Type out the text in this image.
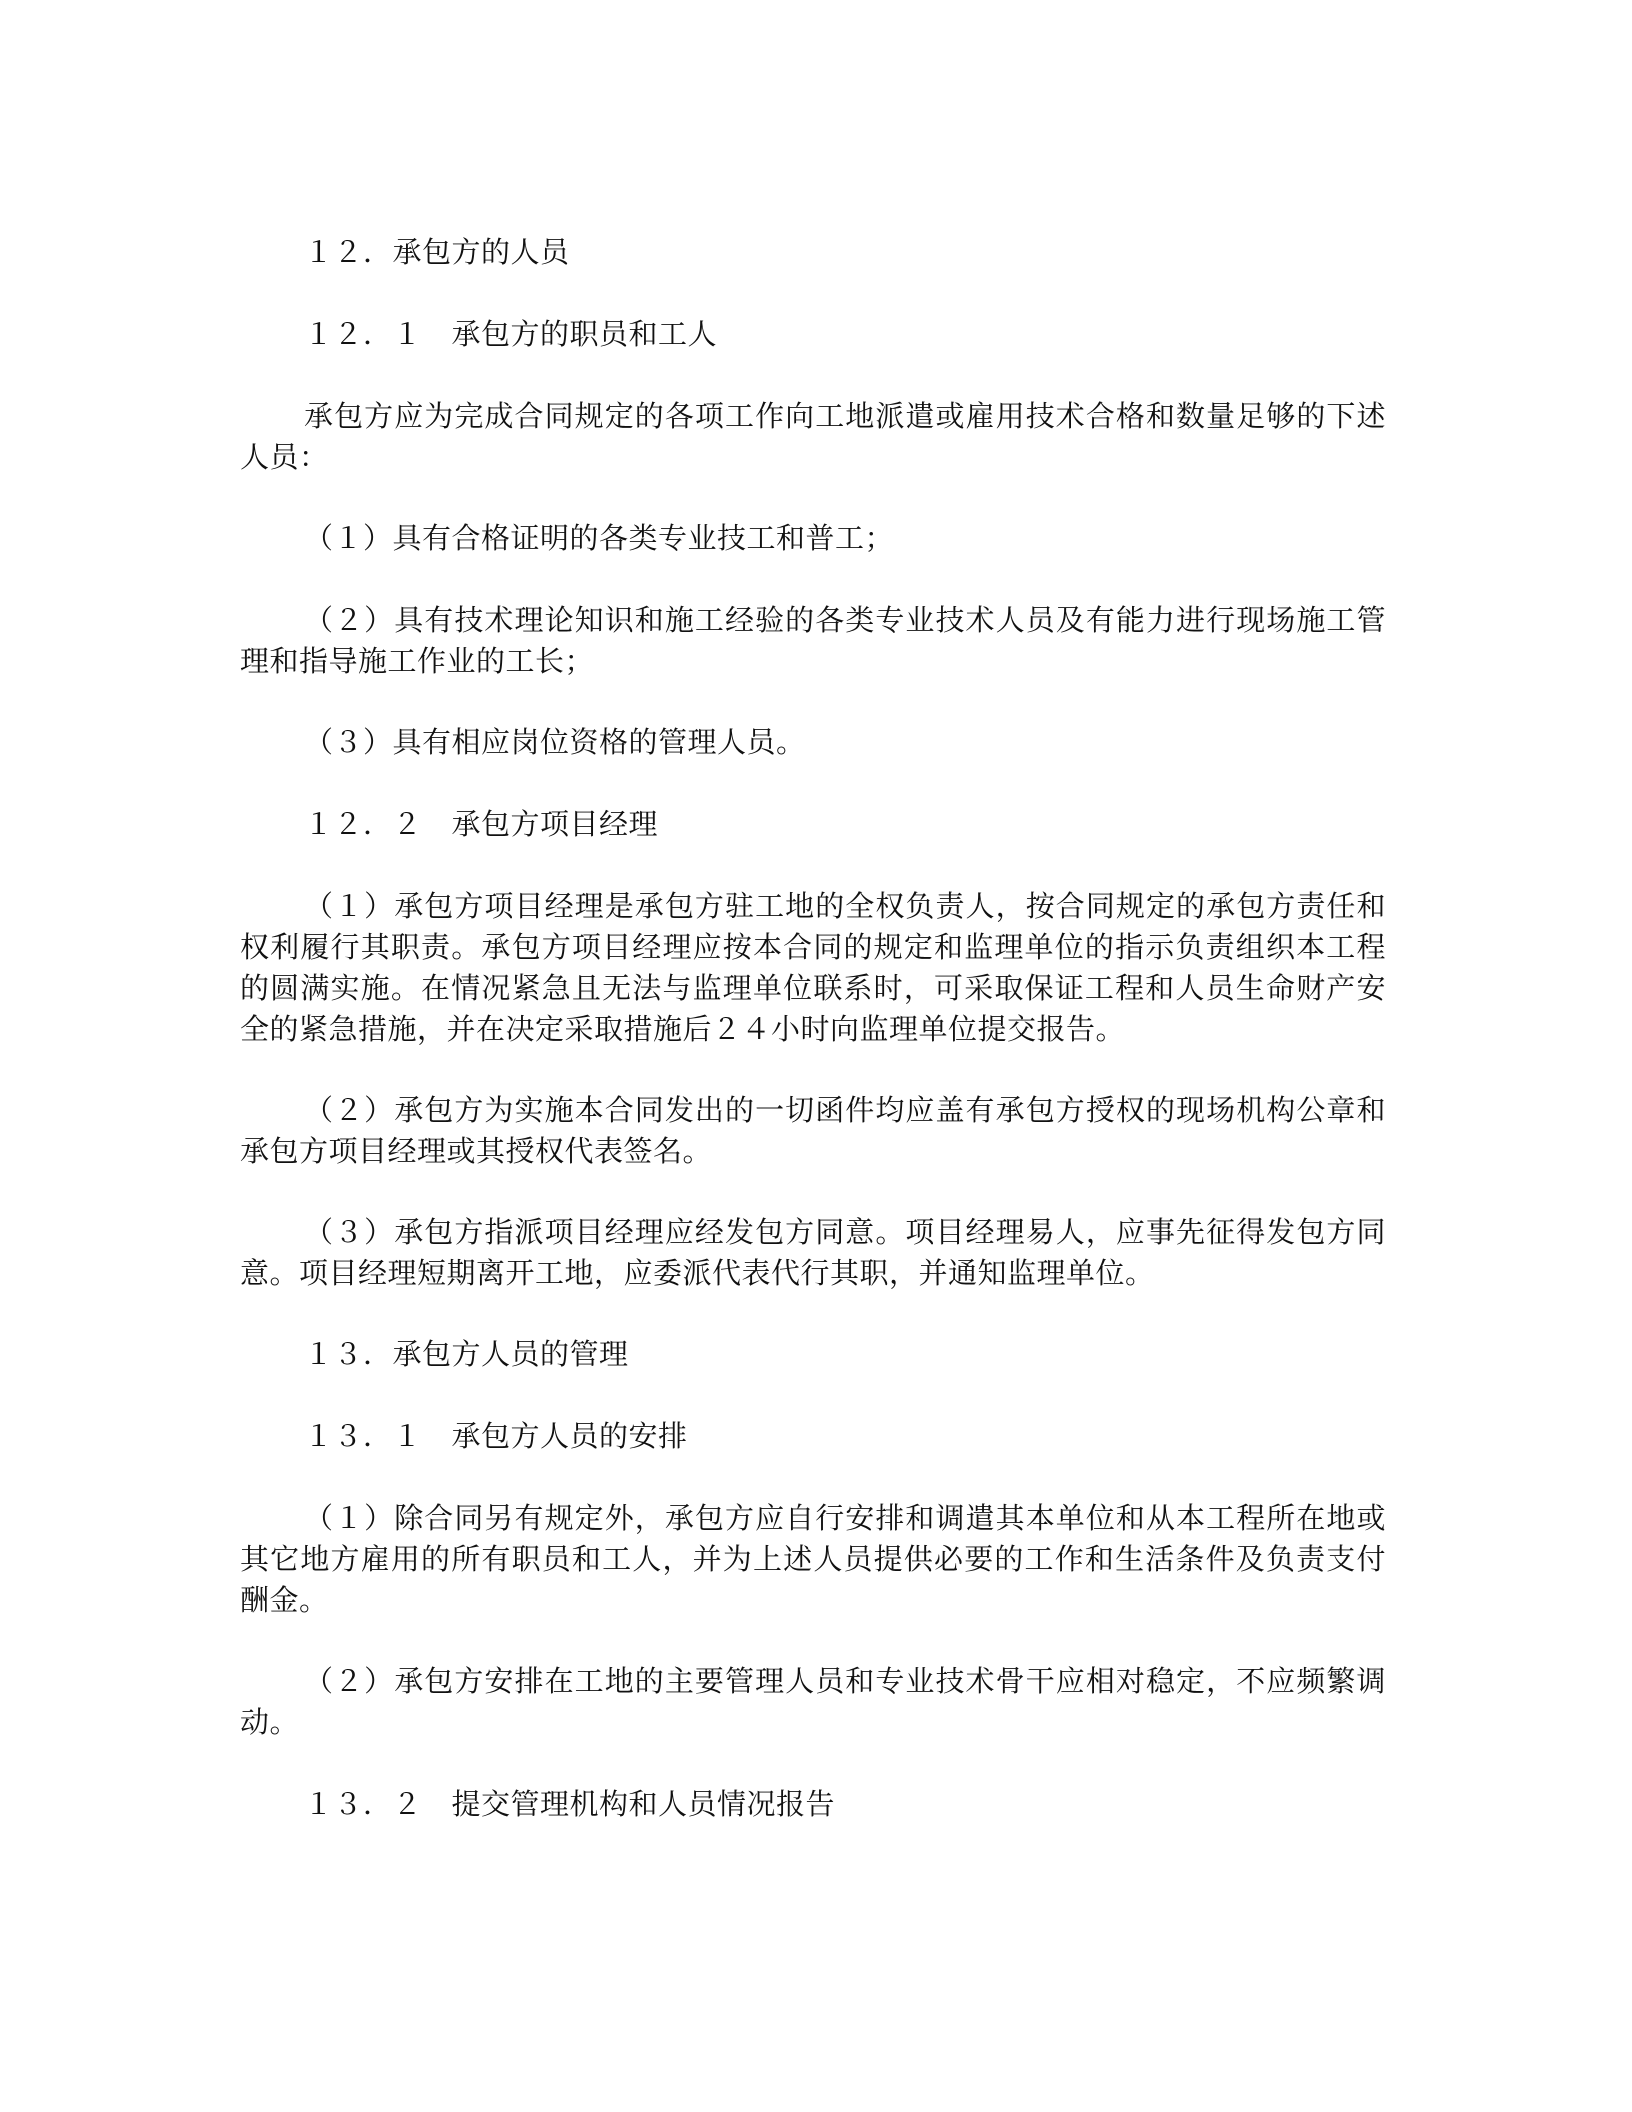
１２．承包方的人员

１２．１　承包方的职员和工人

承包方应为完成合同规定的各项工作向工地派遣或雇用技术合格和数量足够的下述人员：

（１）具有合格证明的各类专业技工和普工；

（２）具有技术理论知识和施工经验的各类专业技术人员及有能力进行现场施工管理和指导施工作业的工长；

（３）具有相应岗位资格的管理人员。

１２．２　承包方项目经理

（１）承包方项目经理是承包方驻工地的全权负责人，按合同规定的承包方责任和权利履行其职责。承包方项目经理应按本合同的规定和监理单位的指示负责组织本工程的圆满实施。在情况紧急且无法与监理单位联系时，可采取保证工程和人员生命财产安全的紧急措施，并在决定采取措施后２４小时向监理单位提交报告。

（２）承包方为实施本合同发出的一切函件均应盖有承包方授权的现场机构公章和承包方项目经理或其授权代表签名。

（３）承包方指派项目经理应经发包方同意。项目经理易人，应事先征得发包方同意。项目经理短期离开工地，应委派代表代行其职，并通知监理单位。

１３．承包方人员的管理

１３．１　承包方人员的安排

（１）除合同另有规定外，承包方应自行安排和调遣其本单位和从本工程所在地或其它地方雇用的所有职员和工人，并为上述人员提供必要的工作和生活条件及负责支付酬金。

（２）承包方安排在工地的主要管理人员和专业技术骨干应相对稳定，不应频繁调动。

１３．２　提交管理机构和人员情况报告
